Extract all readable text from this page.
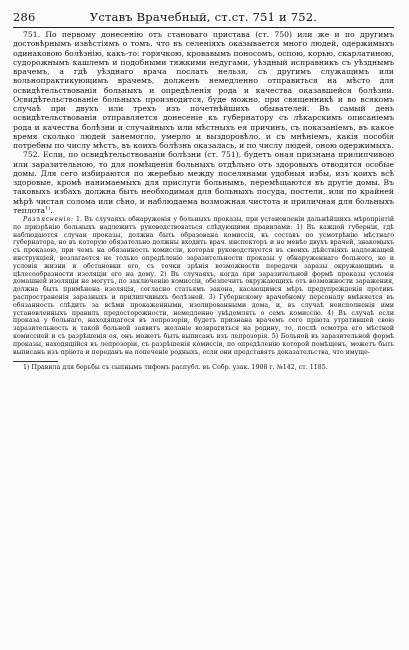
286	Уставъ Врачебный, ст.ст. 751 и 752.

751. По первому донесенію отъ становаго пристава (ст. 750) или же и по другимъ достовѣрнымъ извѣстіямъ о томъ, что въ селеніяхъ оказывается много людей, одержимыхъ одинаковою болѣзнію, какъ-то: горячкою, кровавымъ поносомъ, оспою, корью, скарлатиною, судорожнымъ кашлемъ и подобными тяжкими недугами, уѣздный исправникъ съ уѣзднымъ врачемъ, а гдѣ уѣзднаго врача послать нельзя, съ другимъ служащимъ или вольнопрактикующимъ врачемъ, долженъ немедленно отправиться на мѣсто для освидѣтельствованія больныхъ и опредѣленія рода и качества оказавшейся болѣзни. Освидѣтельствованіе больныхъ производится, буде можно, при священникѣ и во всякомъ случаѣ при двухъ или трехъ изъ почетнѣйшихъ обывателей. Въ самый день освидѣтельствованія отправляется донесеніе къ губернатору съ лѣкарскимъ описаніемъ рода и качества болѣзни и случайныхъ или мѣстныхъ ея причинъ, съ показаніемъ, въ какое время сколько людей занемогло, умерло и выздоровѣло, и съ мнѣніемъ, какія пособія потребны по числу мѣстъ, въ коихъ болѣзнь оказалась, и по числу людей, оною одержимыхъ.

752. Если, по освидѣтельствованіи болѣзни (ст. 751), будетъ оная признана прилипчивою или заразительною, то для помѣщенія больныхъ отдѣльно отъ здоровыхъ отводятся особые домы. Для сего избираются по жеребью между поселянами удобныя избы, изъ коихъ всѣ здоровые, кромѣ нанимаемыхъ для прислуги больнымъ, перемѣщаются въ другіе домы. Въ таковыхъ избахъ должна быть необходимая для больныхъ посуда, постели, или по крайней мѣрѣ чистая солома или сѣно, и наблюдаема возможная чистота и приличная для больныхъ теплота$^{1)}$.

Разъясненія: 1. Въ случаяхъ обнаруженія у больныхъ проказы, при установленіи дальнѣйшихъ мѣропріятій по призрѣнію больныхъ надлежитъ руководствоваться слѣдующими правилами: 1) Въ каждой губерніи, гдѣ наблюдаются случаи проказы, должна быть образована комиссія, въ составъ по усмотрѣнію мѣстнаго губернатора, но въ которую обязательно должны входить врач. инспекторъ и не менѣе двухъ врачей, знакомыхъ съ проказою, при чемъ на обязанность комиссіи, которая руководствуется въ своихъ дѣйствіяхъ надлежащей инструкціей, возлагается не только опредѣленіе заразительности проказы у обнаруженнаго больного, но и условія жизни и обстановки его, съ точки зрѣнія возможности передачи заразы окружающимъ и цѣлесообразности изоляціи его на дому. 2) Въ случаяхъ, когда при заразительной формѣ проказы условія домашней изоляціи не могутъ, по заключенію комиссіи, обезпечить окружающихъ отъ возможности заражения, должна быть примѣнена изоляція, согласно статьямъ закона, касающимся мѣръ предупрежденія противъ распространенія заразныхъ и прилипчивыхъ болѣзней. 3) Губернскому врачебному персоналу вмѣняется въ обязанность слѣдить за всѣми прокаженными, изолированными дома, и, въ случаѣ неисполненія ими установленныхъ правилъ предосторожности, немедленно увѣдомлять о семъ комиссію. 4) Въ случаѣ если проказа у больнаго, находящагося въ лепрозоріи, будетъ признана врачемъ сего пріюта утратившей свою заразительность и такой больной заявитъ желаніе возвратиться на родину, то, послѣ осмотра его мѣстной комиссией и съ разрѣшенія ея, онъ можетъ быть выписанъ изъ лепрозорія. 5) Больной въ заразительной формѣ проказы, находящійся въ лепрозоріи, съ разрѣшенія комиссіи, по опредѣленію которой помѣщенъ, можетъ быть выписанъ изъ пріюта и переданъ на попеченіе родныхъ, если они представятъ доказательства, что имуще-

1) Правила для борьбы съ сыпнымъ тифомъ распубл. въ Собр. узак. 1908 г. №142, ст. 1185.
